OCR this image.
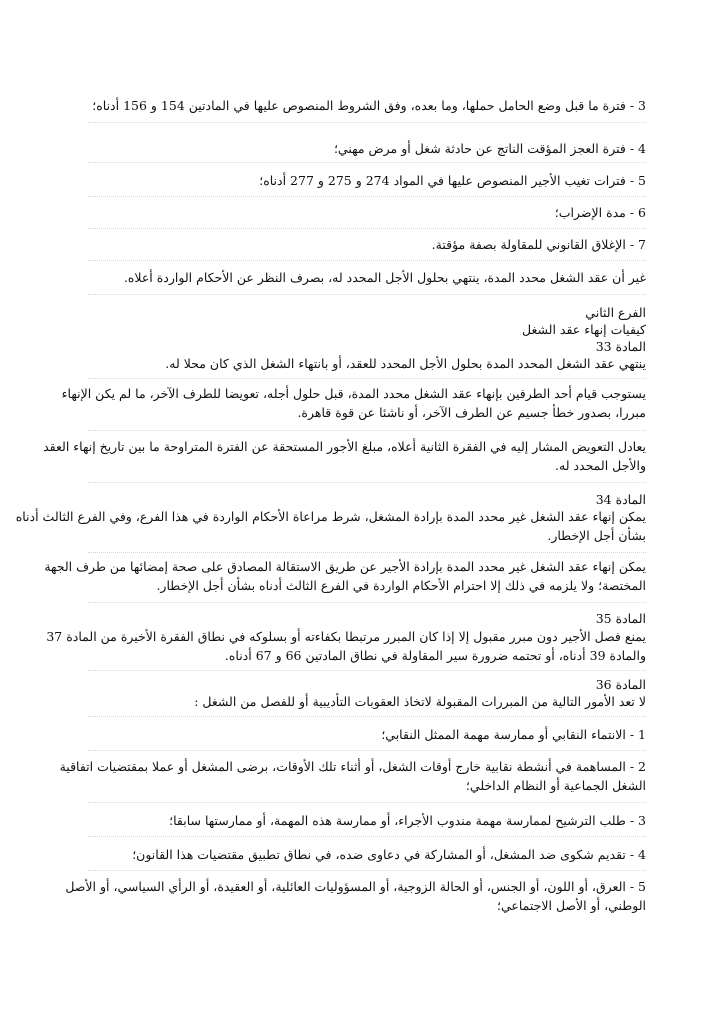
3 - فترة ما قبل وضع الحامل حملها، وما بعده، وفق الشروط المنصوص عليها في المادتين 154 و 156 أدناه؛
4 - فترة العجز المؤقت الناتج عن حادثة شغل أو مرض مهني؛
5 - فترات تغيب الأجير المنصوص عليها في المواد 274 و 275 و 277 أدناه؛
6 - مدة الإضراب؛
7 - الإغلاق القانوني للمقاولة بصفة مؤقتة.
غير أن عقد الشغل محدد المدة، ينتهي بحلول الأجل المحدد له، بصرف النظر عن الأحكام الواردة أعلاه.
الفرع الثاني
كيفيات إنهاء عقد الشغل
المادة 33
ينتهي عقد الشغل المحدد المدة بحلول الأجل المحدد للعقد، أو بانتهاء الشغل الذي كان محلا له.
يستوجب قيام أحد الطرفين بإنهاء عقد الشغل محدد المدة، قبل حلول أجله، تعويضا للطرف الآخر، ما لم يكن الإنهاء
مبررا، بصدور خطأ جسيم عن الطرف الآخر، أو ناشئا عن قوة قاهرة.
يعادل التعويض المشار إليه في الفقرة الثانية أعلاه، مبلغ الأجور المستحقة عن الفترة المتراوحة ما بين تاريخ إنهاء العقد
والأجل المحدد له.
المادة 34
يمكن إنهاء عقد الشغل غير محدد المدة بإرادة المشغل، شرط مراعاة الأحكام الواردة في هذا الفرع، وفي الفرع الثالث أدناه
بشأن أجل الإخطار.
يمكن إنهاء عقد الشغل غير محدد المدة بإرادة الأجير عن طريق الاستقالة المصادق على صحة إمضائها من طرف الجهة
المختصة؛ ولا يلزمه في ذلك إلا احترام الأحكام الواردة في الفرع الثالث أدناه بشأن أجل الإخطار.
المادة 35
يمنع فصل الأجير دون مبرر مقبول إلا إذا كان المبرر مرتبطا بكفاءته أو بسلوكه في نطاق الفقرة الأخيرة من المادة 37
والمادة 39 أدناه، أو تحتمه ضرورة سير المقاولة في نطاق المادتين 66 و 67 أدناه.
المادة 36
لا تعد الأمور التالية من المبررات المقبولة لاتخاذ العقوبات التأديبية أو للفصل من الشغل :
1 - الانتماء النقابي أو ممارسة مهمة الممثل النقابي؛
2 - المساهمة في أنشطة نقابية خارج أوقات الشغل، أو أثناء تلك الأوقات، برضى المشغل أو عملا بمقتضيات اتفاقية
الشغل الجماعية أو النظام الداخلي؛
3 - طلب الترشيح لممارسة مهمة مندوب الأجراء، أو ممارسة هذه المهمة، أو ممارستها سابقا؛
4 - تقديم شكوى ضد المشغل، أو المشاركة في دعاوى ضده، في نطاق تطبيق مقتضيات هذا القانون؛
5 - العرق، أو اللون، أو الجنس، أو الحالة الزوجية، أو المسؤوليات العائلية، أو العقيدة، أو الرأي السياسي، أو الأصل
الوطني، أو الأصل الاجتماعي؛
